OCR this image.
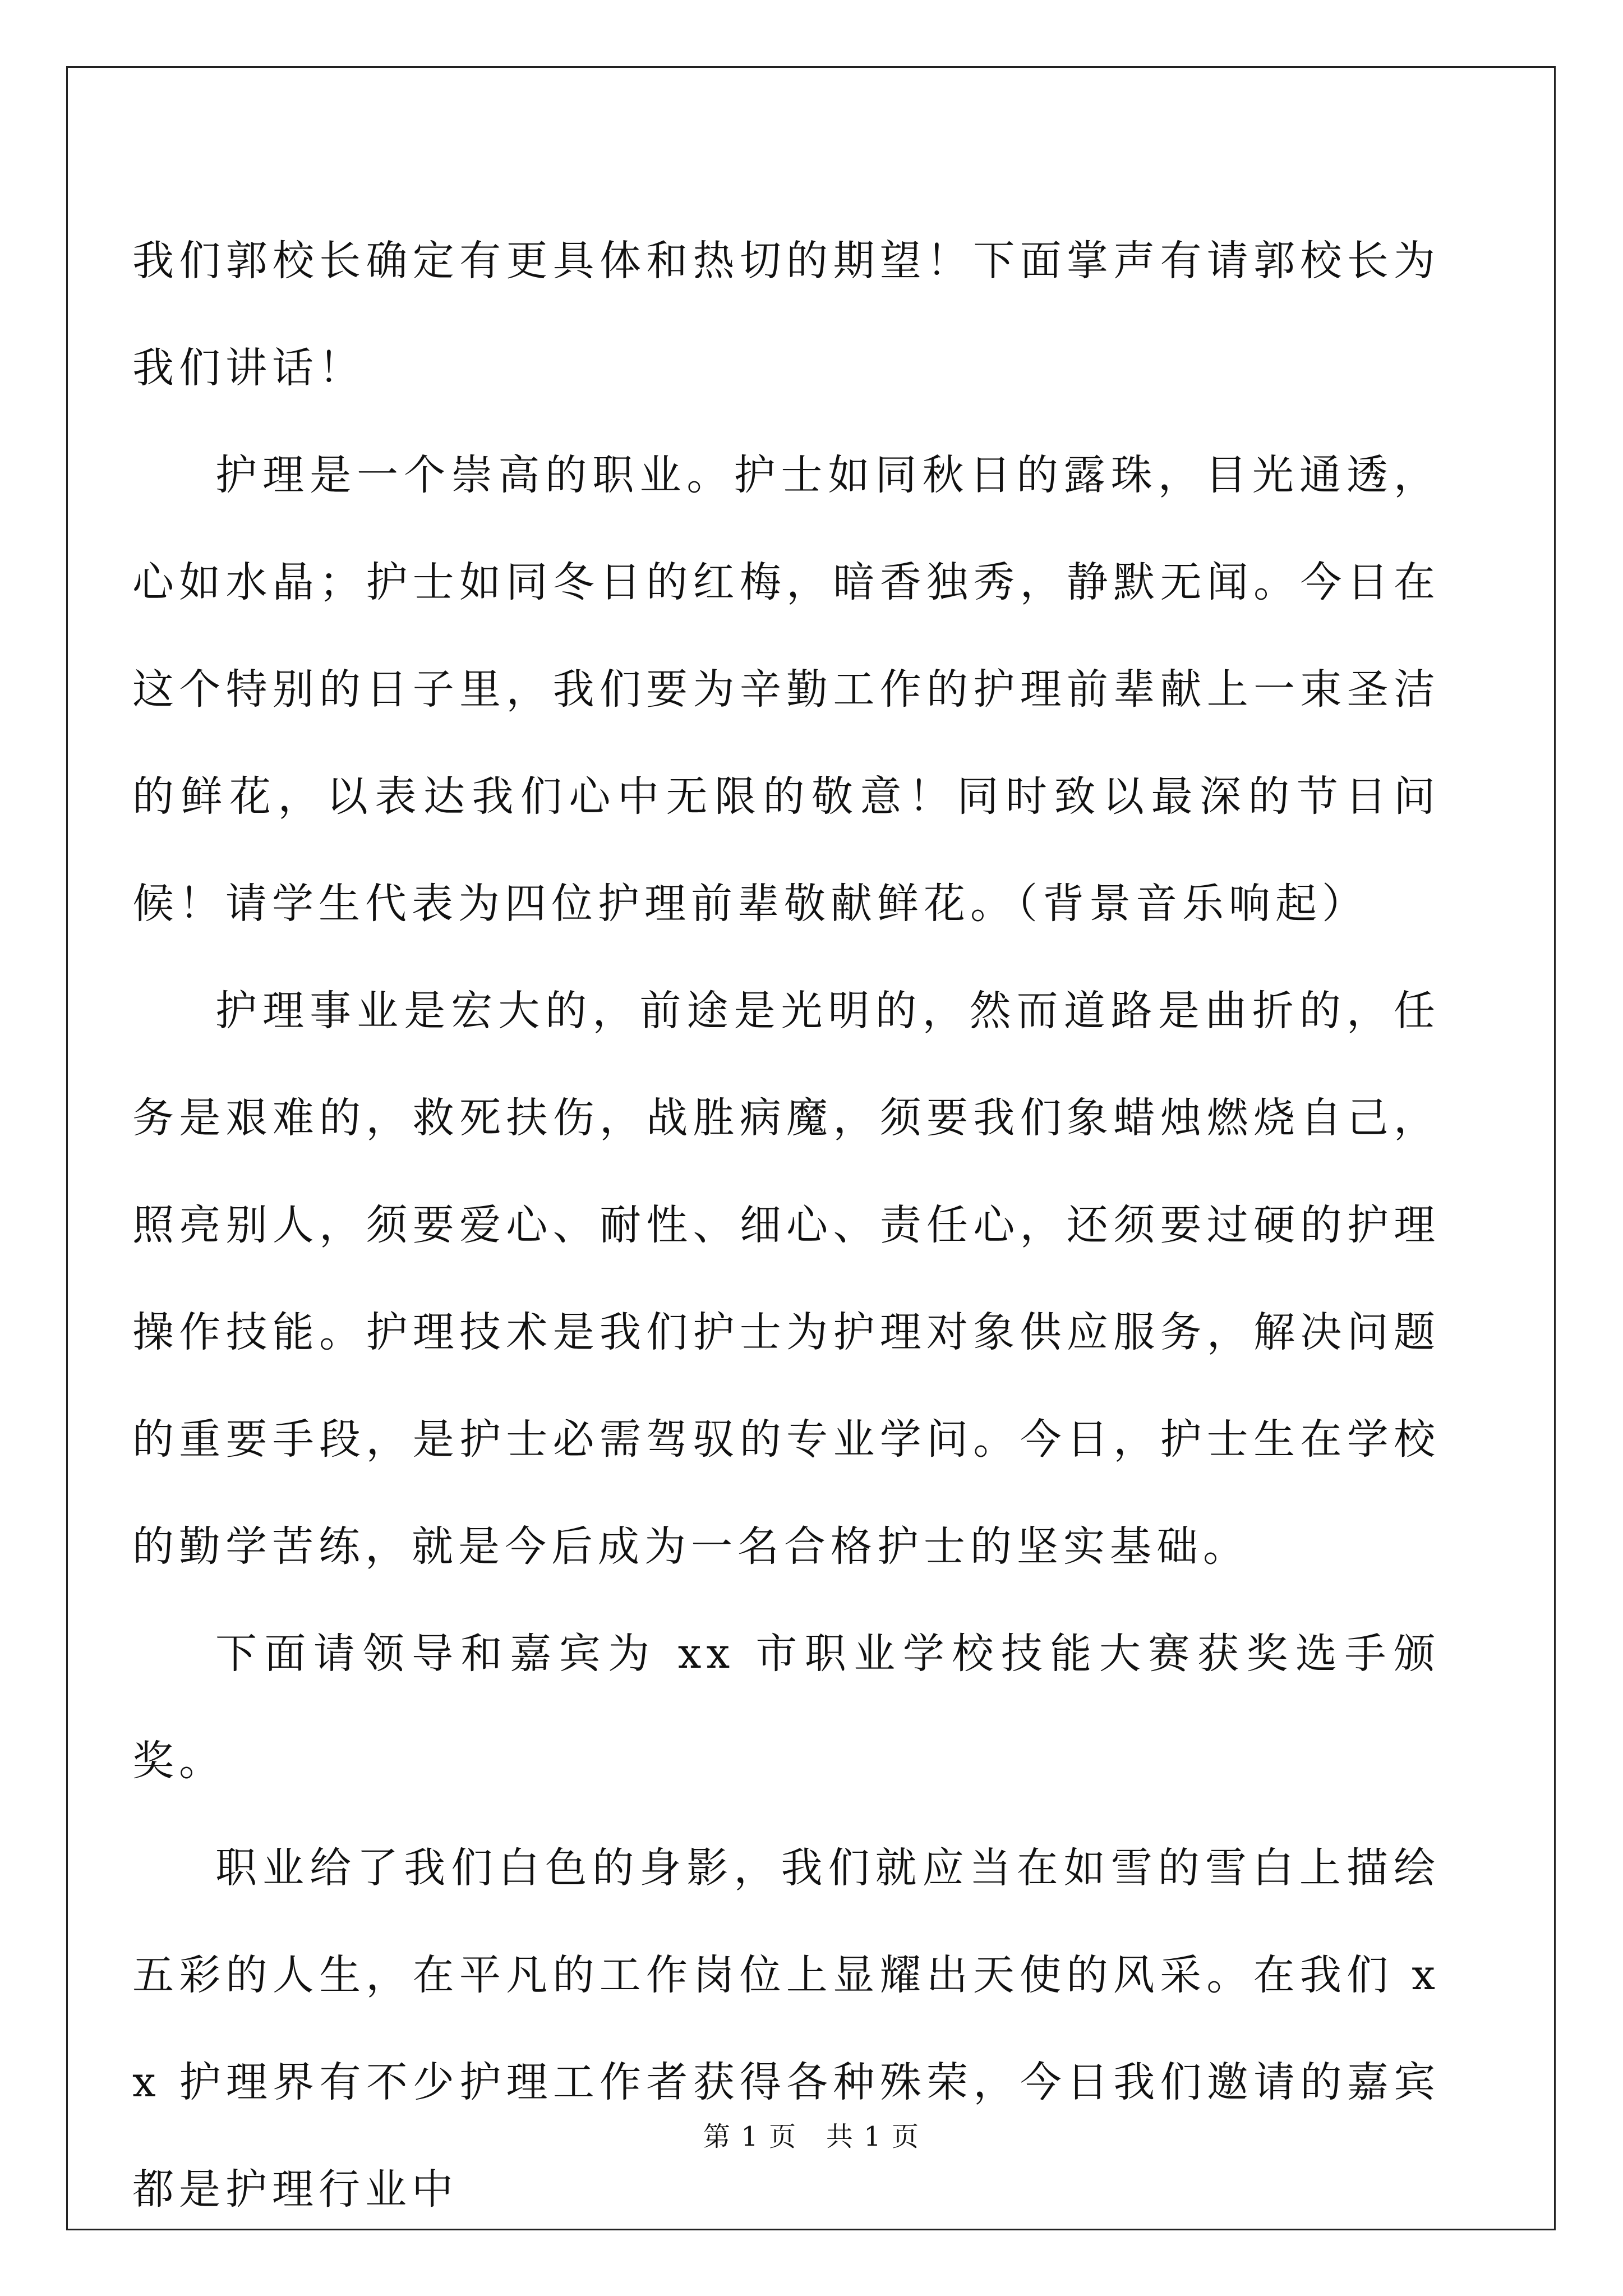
我们郭校长确定有更具体和热切的期望！下面掌声有请郭校长为我们讲话！

护理是一个崇高的职业。护士如同秋日的露珠，目光通透，心如水晶；护士如同冬日的红梅，暗香独秀，静默无闻。今日在这个特别的日子里，我们要为辛勤工作的护理前辈献上一束圣洁的鲜花，以表达我们心中无限的敬意！同时致以最深的节日问候！请学生代表为四位护理前辈敬献鲜花。（背景音乐响起）

护理事业是宏大的，前途是光明的，然而道路是曲折的，任务是艰难的，救死扶伤，战胜病魔，须要我们象蜡烛燃烧自己，照亮别人，须要爱心、耐性、细心、责任心，还须要过硬的护理操作技能。护理技术是我们护士为护理对象供应服务，解决问题的重要手段，是护士必需驾驭的专业学问。今日，护士生在学校的勤学苦练，就是今后成为一名合格护士的坚实基础。

下面请领导和嘉宾为 xx 市职业学校技能大赛获奖选手颁奖。

职业给了我们白色的身影，我们就应当在如雪的雪白上描绘五彩的人生，在平凡的工作岗位上显耀出天使的风采。在我们 xx 护理界有不少护理工作者获得各种殊荣，今日我们邀请的嘉宾都是护理行业中

第 1 页 共 1 页
